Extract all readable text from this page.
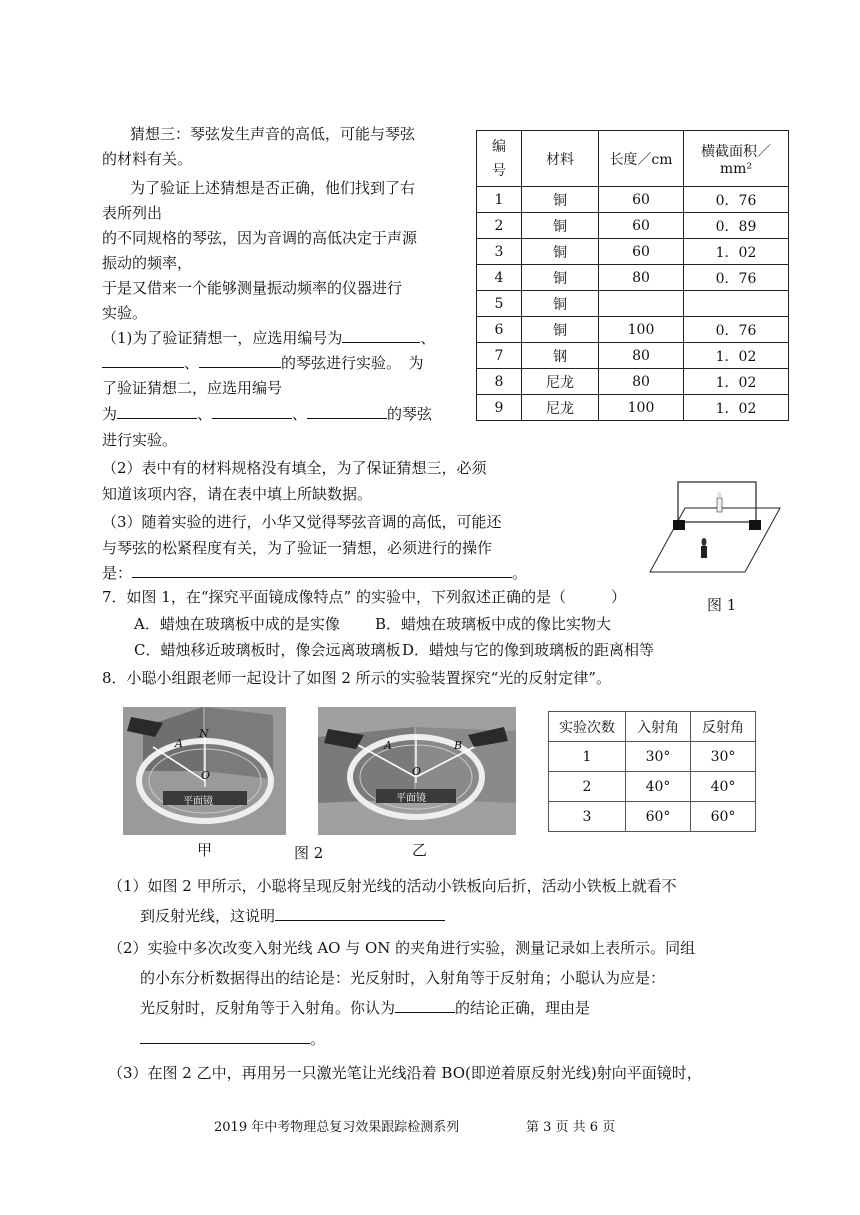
猜想三：琴弦发生声音的高低，可能与琴弦
的材料有关。
为了验证上述猜想是否正确，他们找到了右
表所列出
的不同规格的琴弦，因为音调的高低决定于声源
振动的频率，
于是又借来一个能够测量振动频率的仪器进行
实验。
（1)为了验证猜想一，应选用编号为	、
、	的琴弦进行实验。　为
了验证猜想二，应选用编号
为	、	、	的琴弦
进行实验。
（2）表中有的材料规格没有填全，为了保证猜想三，必须
知道该项内容，请在表中填上所缺数据。
（3）随着实验的进行，小华又觉得琴弦音调的高低，可能还
与琴弦的松紧程度有关，为了验证一猜想，必须进行的操作
是：	。
编号	材料	长度／cm	横截面积／mm²
1	铜	60	0．76
2	铜	60	0．89
3	铜	60	1．02
4	铜	80	0．76
5	铜		
6	铜	100	0．76
7	钢	80	1．02
8	尼龙	80	1．02
9	尼龙	100	1．02
图 1
7．如图 1，在“探究平面镜成像特点” 的实验中，下列叙述正确的是（　　　）
A．蜡烛在玻璃板中成的是实像 B．蜡烛在玻璃板中成的像比实物大
C．蜡烛移近玻璃板时，像会远离玻璃板 D．蜡烛与它的像到玻璃板的距离相等
8．小聪小组跟老师一起设计了如图 2 所示的实验装置探究“光的反射定律”。
平面镜
A
N
O
平面镜
A	B
O
甲	图 2	乙
实验次数	入射角	反射角
1	30°	30°
2	40°	40°
3	60°	60°
（1）如图 2 甲所示，小聪将呈现反射光线的活动小铁板向后折，活动小铁板上就看不
到反射光线，这说明
（2）实验中多次改变入射光线 AO 与 ON 的夹角进行实验，测量记录如上表所示。同组
的小东分析数据得出的结论是：光反射时，入射角等于反射角；小聪认为应是：
光反射时，反射角等于入射角。你认为	的结论正确，理由是
。
（3）在图 2 乙中，再用另一只激光笔让光线沿着 BO(即逆着原反射光线)射向平面镜时，
2019 年中考物理总复习效果跟踪检测系列	第 3 页 共 6 页
